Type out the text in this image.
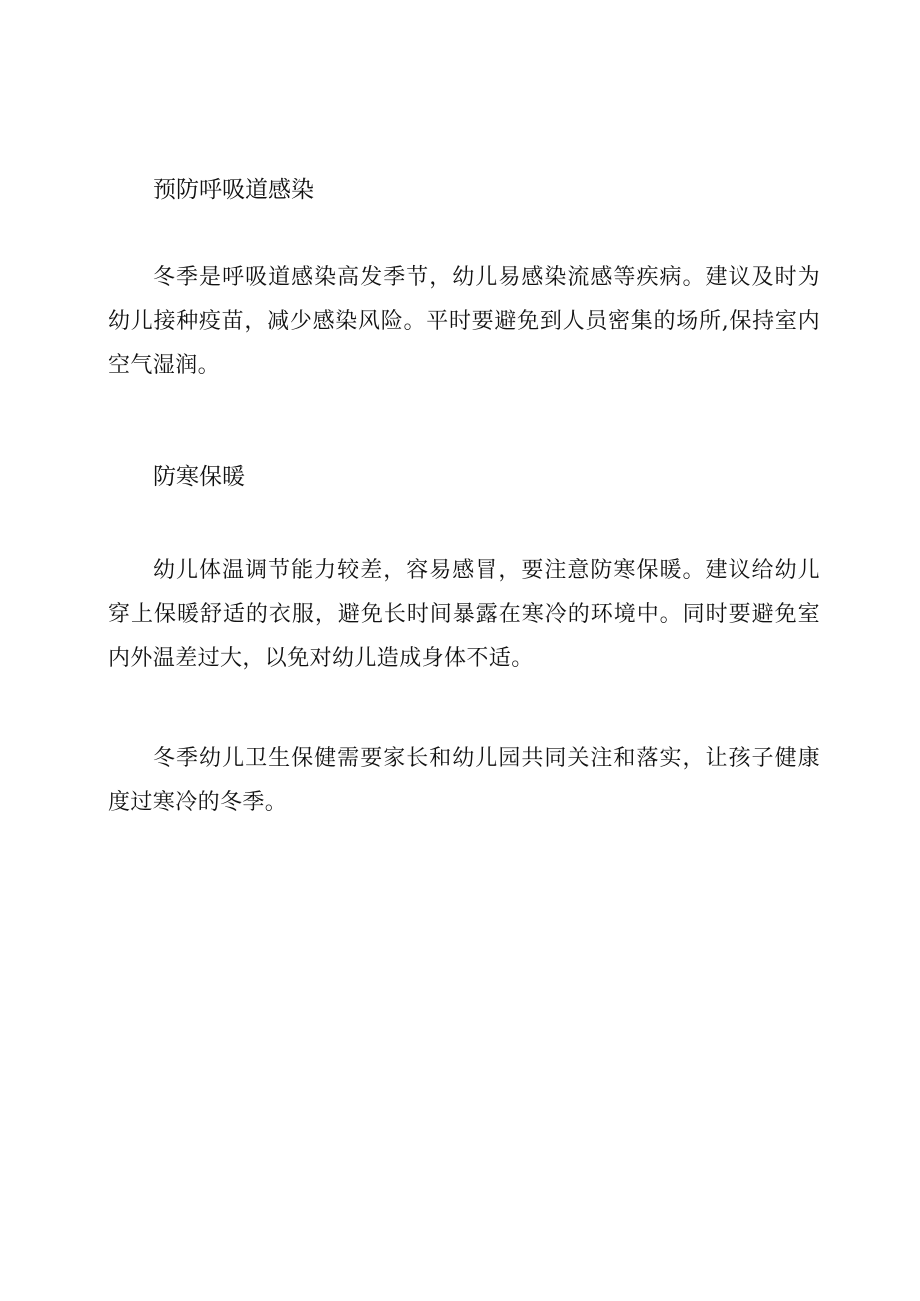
预防呼吸道感染

冬季是呼吸道感染高发季节，幼儿易感染流感等疾病。建议及时为幼儿接种疫苗，减少感染风险。平时要避免到人员密集的场所,保持室内空气湿润。

防寒保暖

幼儿体温调节能力较差，容易感冒，要注意防寒保暖。建议给幼儿穿上保暖舒适的衣服，避免长时间暴露在寒冷的环境中。同时要避免室内外温差过大，以免对幼儿造成身体不适。

冬季幼儿卫生保健需要家长和幼儿园共同关注和落实，让孩子健康度过寒冷的冬季。
